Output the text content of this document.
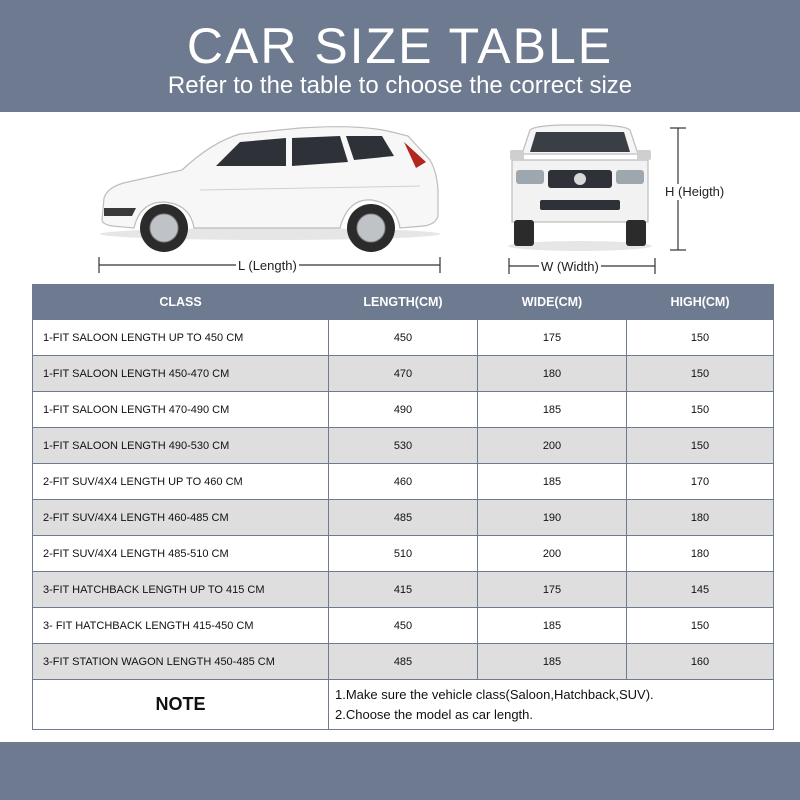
CAR SIZE TABLE
Refer to the table to choose the correct size
L (Length)	W (Width)
H (Heigth)
CLASS	LENGTH(CM)	WIDE(CM)	HIGH(CM)
1-FIT SALOON LENGTH UP TO 450 CM	450	175	150
1-FIT SALOON LENGTH 450-470 CM	470	180	150
1-FIT SALOON LENGTH 470-490 CM	490	185	150
1-FIT SALOON LENGTH 490-530 CM	530	200	150
2-FIT SUV/4X4 LENGTH UP TO 460 CM	460	185	170
2-FIT SUV/4X4 LENGTH 460-485 CM	485	190	180
2-FIT SUV/4X4 LENGTH 485-510 CM	510	200	180
3-FIT HATCHBACK LENGTH UP TO 415 CM	415	175	145
3- FIT HATCHBACK LENGTH 415-450 CM	450	185	150
3-FIT STATION WAGON LENGTH 450-485 CM	485	185	160
NOTE	1.Make sure the vehicle class(Saloon,Hatchback,SUV).
2.Choose the model as car length.		
